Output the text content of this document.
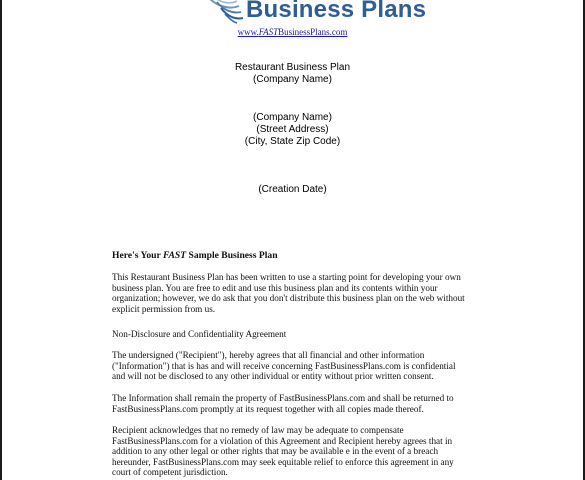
Business Plans
www.FASTBusinessPlans.com
Restaurant Business Plan
(Company Name)
(Company Name)
(Street Address)
(City, State Zip Code)
(Creation Date)
Here's Your FAST Sample Business Plan
This Restaurant Business Plan has been written to use a starting point for developing your own
business plan. You are free to edit and use this business plan and its contents within your
organization; however, we do ask that you don't distribute this business plan on the web without
explicit permission from us.
Non-Disclosure and Confidentiality Agreement
The undersigned ("Recipient"), hereby agrees that all financial and other information
("Information") that is has and will receive concerning FastBusinessPlans.com is confidential
and will not be disclosed to any other individual or entity without prior written consent.
The Information shall remain the property of FastBusinessPlans.com and shall be returned to
FastBusinessPlans.com promptly at its request together with all copies made thereof.
Recipient acknowledges that no remedy of law may be adequate to compensate
FastBusinessPlans.com for a violation of this Agreement and Recipient hereby agrees that in
addition to any other legal or other rights that may be available e in the event of a breach
hereunder, FastBusinessPlans.com may seek equitable relief to enforce this agreement in any
court of competent jurisdiction.
